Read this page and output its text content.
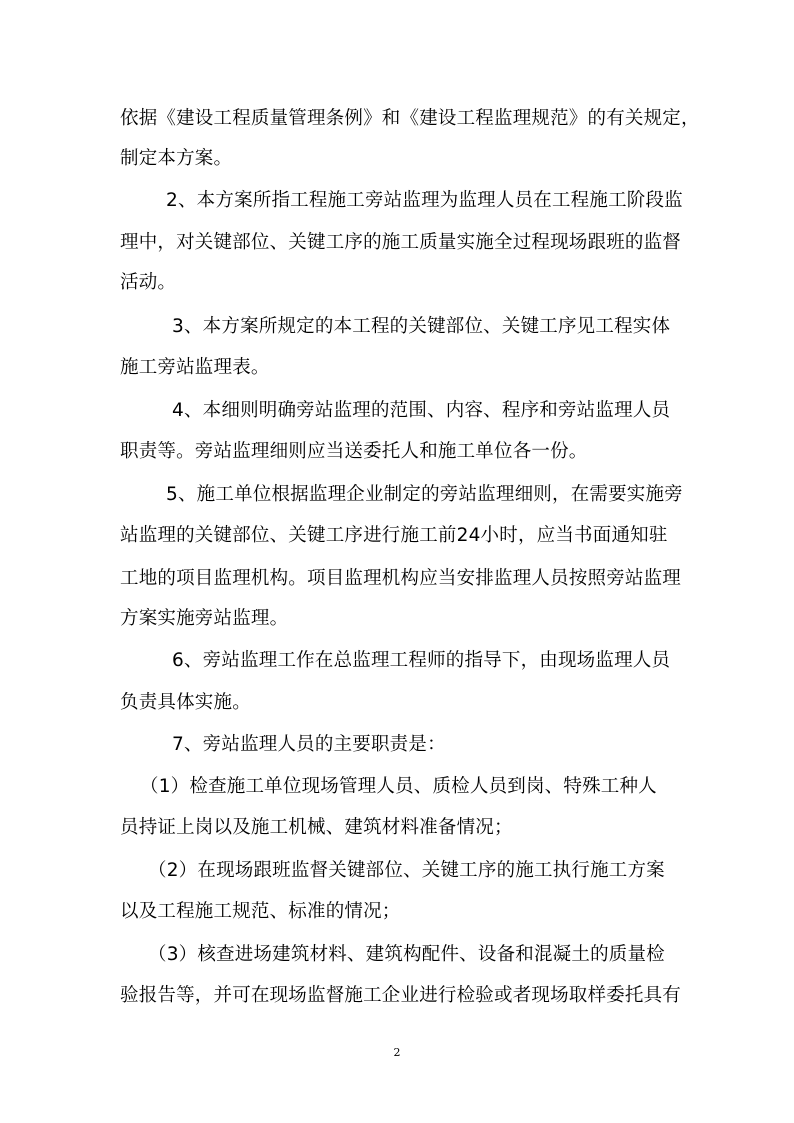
依据《建设工程质量管理条例》和《建设工程监理规范》的有关规定，
制定本方案。
2、本方案所指工程施工旁站监理为监理人员在工程施工阶段监
理中，对关键部位、关键工序的施工质量实施全过程现场跟班的监督
活动。
3、本方案所规定的本工程的关键部位、关键工序见工程实体
施工旁站监理表。
4、本细则明确旁站监理的范围、内容、程序和旁站监理人员
职责等。旁站监理细则应当送委托人和施工单位各一份。
5、施工单位根据监理企业制定的旁站监理细则，在需要实施旁
站监理的关键部位、关键工序进行施工前24小时，应当书面通知驻
工地的项目监理机构。项目监理机构应当安排监理人员按照旁站监理
方案实施旁站监理。
6、旁站监理工作在总监理工程师的指导下，由现场监理人员
负责具体实施。
7、旁站监理人员的主要职责是：
（1）检查施工单位现场管理人员、质检人员到岗、特殊工种人
员持证上岗以及施工机械、建筑材料准备情况；
（2）在现场跟班监督关键部位、关键工序的施工执行施工方案
以及工程施工规范、标准的情况；
（3）核查进场建筑材料、建筑构配件、设备和混凝土的质量检
验报告等，并可在现场监督施工企业进行检验或者现场取样委托具有
2
